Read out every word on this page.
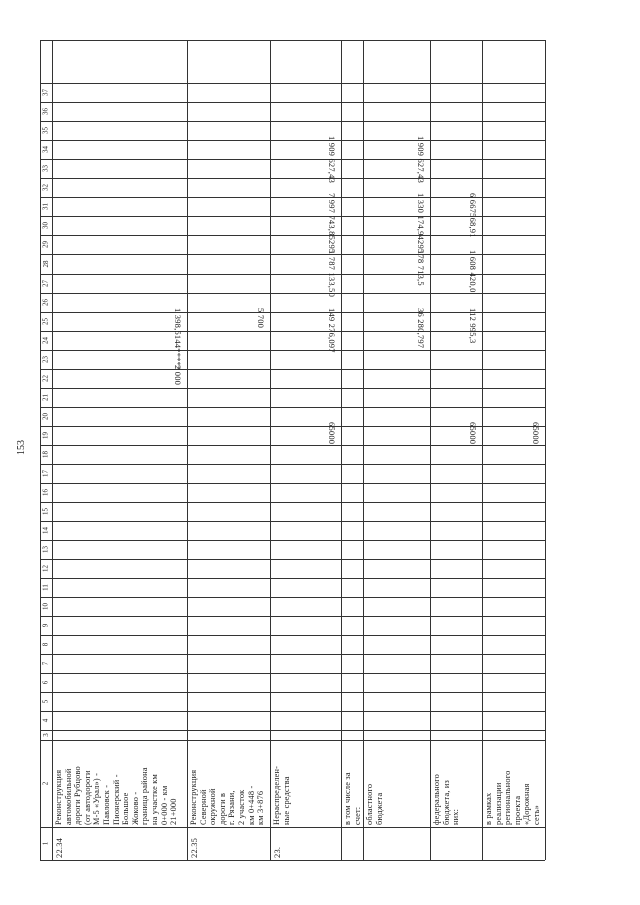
153
1
2
3
4
5
6
7
8
9
10
11
12
13
14
15
16
17
18
19
20
21
22
23
24
25
26
27
28
29
30
31
32
33
34
35
36
37
22.34
Реконструкция
автомобильной
дороги Рубцово
(от автодороги
М-5 «Урал») -
Павловск -
Пионерский -
Большое
Жоково -
граница района
на участке км
0+000 - км
21+000
2 000
1 398,5144*****
22.35
Реконструкция
Северной
окружной
дороги в
г. Рязани,
2 участок
км 0+448 -
км 3+876
5 700
23.
Нераспределен-
ные средства
65000
149 276,097
1 787 133,50
7 997 743,85295
1 909 627,43
в том числе за
счет: областного
бюджета
36 280,797
178 713,5
1 330 174,94295
1 909 627,43
федерального
бюджета, из
них:
65000
112 995,3
1 608 420,0
6 667568,91
в рамках
реализации
регионального
проекта
«Дорожная
сеть»
65000
